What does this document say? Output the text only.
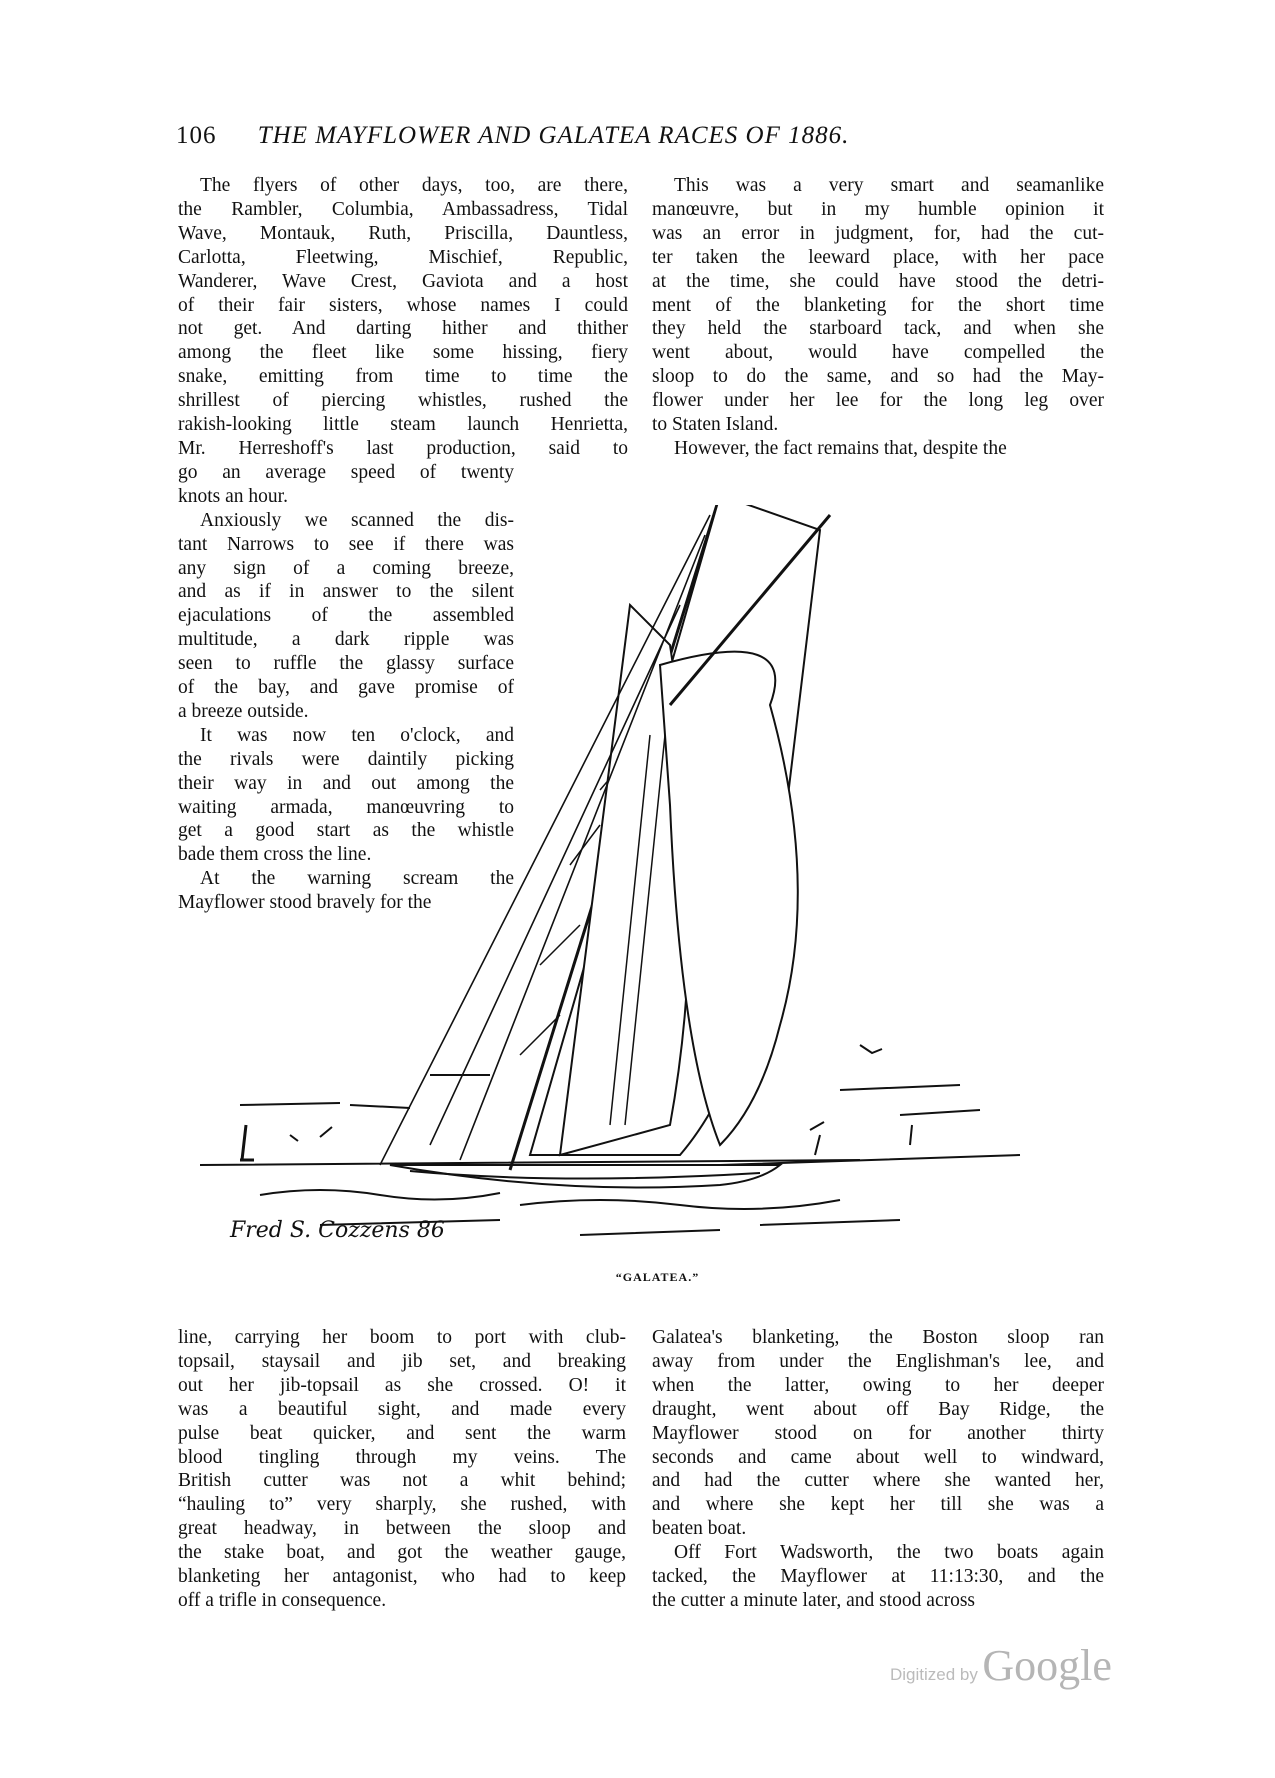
106 THE MAYFLOWER AND GALATEA RACES OF 1886.
The flyers of other days, too, are there,
the Rambler, Columbia, Ambassadress, Tidal
Wave, Montauk, Ruth, Priscilla, Dauntless,
Carlotta, Fleetwing, Mischief, Republic,
Wanderer, Wave Crest, Gaviota and a host
of their fair sisters, whose names I could
not get. And darting hither and thither
among the fleet like some hissing, fiery
snake, emitting from time to time the
shrillest of piercing whistles, rushed the
rakish-looking little steam launch Henrietta,
Mr. Herreshoff's last production, said to
go an average speed of twenty
knots an hour.
Anxiously we scanned the dis-
tant Narrows to see if there was
any sign of a coming breeze,
and as if in answer to the silent
ejaculations of the assembled
multitude, a dark ripple was
seen to ruffle the glassy surface
of the bay, and gave promise of
a breeze outside.
It was now ten o'clock, and
the rivals were daintily picking
their way in and out among the
waiting armada, manœuvring to
get a good start as the whistle
bade them cross the line.
At the warning scream the
Mayflower stood bravely for the
This was a very smart and seamanlike
manœuvre, but in my humble opinion it
was an error in judgment, for, had the cut-
ter taken the leeward place, with her pace
at the time, she could have stood the detri-
ment of the blanketing for the short time
they held the starboard tack, and when she
went about, would have compelled the
sloop to do the same, and so had the May-
flower under her lee for the long leg over
to Staten Island.
However, the fact remains that, despite the
Fred S. Cozzens 86
“GALATEA.”
line, carrying her boom to port with club-
topsail, staysail and jib set, and breaking
out her jib-topsail as she crossed. O! it
was a beautiful sight, and made every
pulse beat quicker, and sent the warm
blood tingling through my veins. The
British cutter was not a whit behind;
“hauling to” very sharply, she rushed, with
great headway, in between the sloop and
the stake boat, and got the weather gauge,
blanketing her antagonist, who had to keep
off a trifle in consequence.
Galatea's blanketing, the Boston sloop ran
away from under the Englishman's lee, and
when the latter, owing to her deeper
draught, went about off Bay Ridge, the
Mayflower stood on for another thirty
seconds and came about well to windward,
and had the cutter where she wanted her,
and where she kept her till she was a
beaten boat.
Off Fort Wadsworth, the two boats again
tacked, the Mayflower at 11:13:30, and the
the cutter a minute later, and stood across
Digitized by Google
